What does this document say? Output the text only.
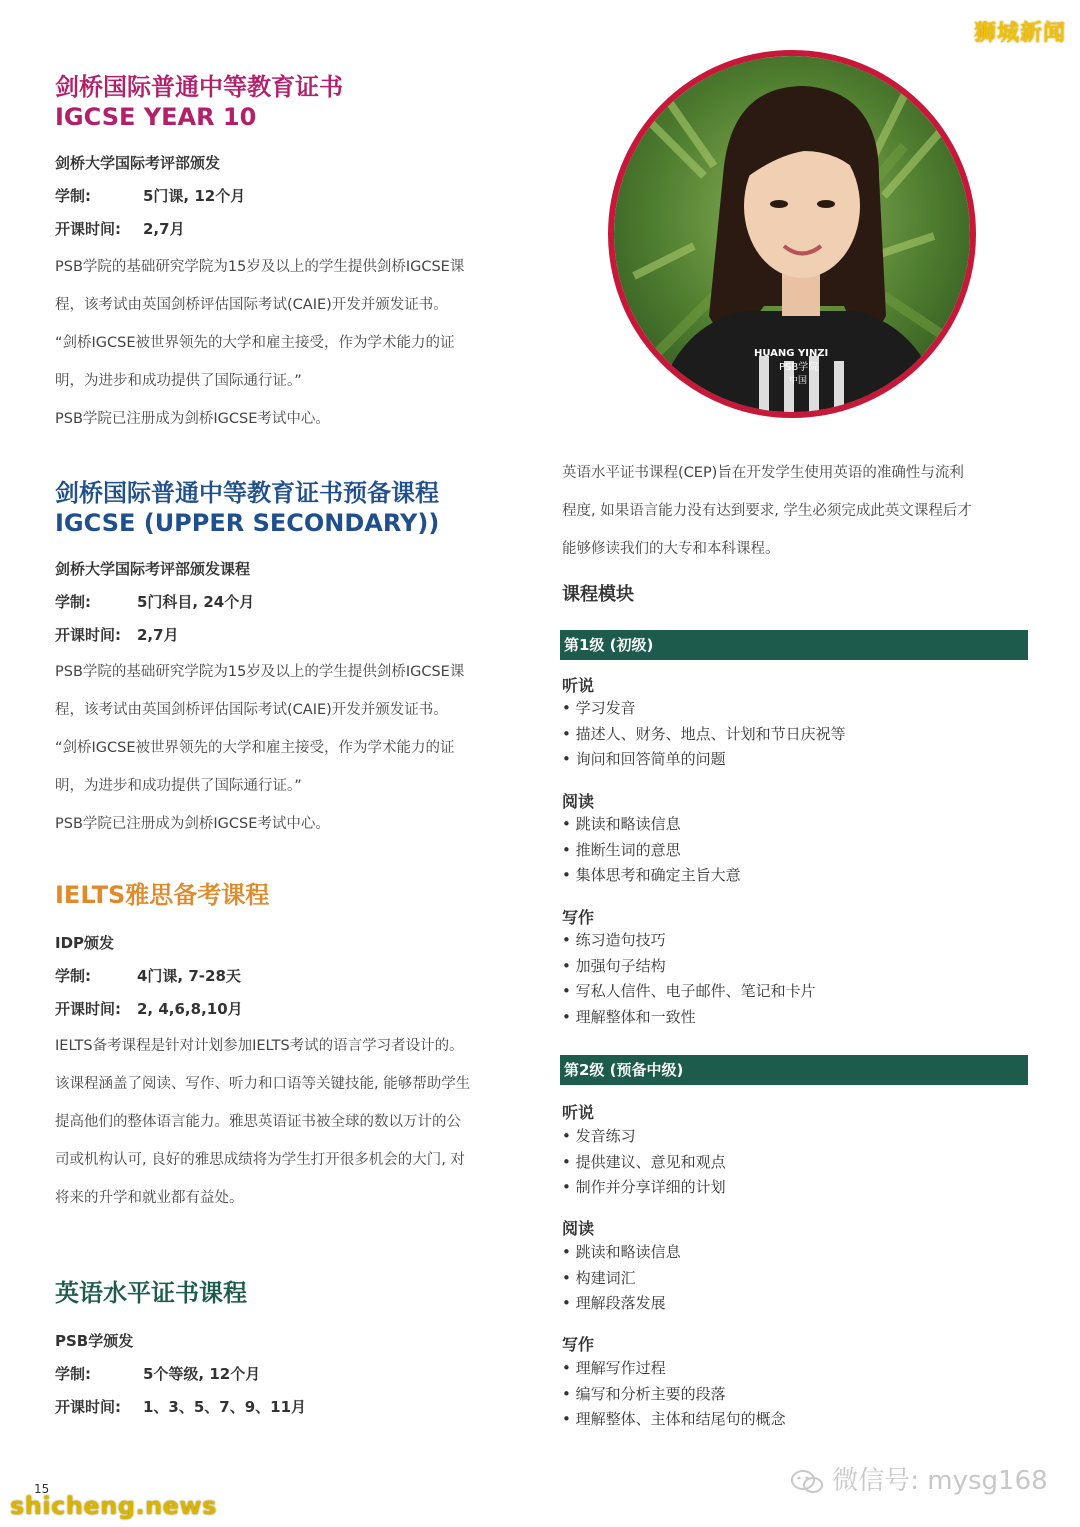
狮城新闻
剑桥国际普通中等教育证书
IGCSE YEAR 10
剑桥大学国际考评部颁发
学制:	5门课, 12个月
开课时间: 2,7月

PSB学院的基础研究学院为15岁及以上的学生提供剑桥IGCSE课

程，该考试由英国剑桥评估国际考试(CAIE)开发并颁发证书。

“剑桥IGCSE被世界领先的大学和雇主接受，作为学术能力的证

明，为进步和成功提供了国际通行证。”

PSB学院已注册成为剑桥IGCSE考试中心。

剑桥国际普通中等教育证书预备课程
IGCSE (UPPER SECONDARY))
剑桥大学国际考评部颁发课程
学制:	5门科目, 24个月
开课时间: 2,7月

PSB学院的基础研究学院为15岁及以上的学生提供剑桥IGCSE课

程，该考试由英国剑桥评估国际考试(CAIE)开发并颁发证书。

“剑桥IGCSE被世界领先的大学和雇主接受，作为学术能力的证

明，为进步和成功提供了国际通行证。”

PSB学院已注册成为剑桥IGCSE考试中心。

IELTS雅思备考课程
IDP颁发
学制:	4门课, 7-28天
开课时间: 2, 4,6,8,10月

IELTS备考课程是针对计划参加IELTS考试的语言学习者设计的。

该课程涵盖了阅读、写作、听力和口语等关键技能, 能够帮助学生

提高他们的整体语言能力。雅思英语证书被全球的数以万计的公

司或机构认可, 良好的雅思成绩将为学生打开很多机会的大门, 对

将来的升学和就业都有益处。

英语水平证书课程
PSB学颁发
学制:	5个等级, 12个月
开课时间: 1、3、5、7、9、11月
15
shicheng.news
HUANG YINZI
PSB学院
中国

英语水平证书课程(CEP)旨在开发学生使用英语的准确性与流利

程度, 如果语言能力没有达到要求, 学生必须完成此英文课程后才

能够修读我们的大专和本科课程。

课程模块
第1级 (初级)
听说
• 学习发音
• 描述人、财务、地点、计划和节日庆祝等
• 询问和回答简单的问题
阅读
• 跳读和略读信息
• 推断生词的意思
• 集体思考和确定主旨大意
写作
• 练习造句技巧
• 加强句子结构
• 写私人信件、电子邮件、笔记和卡片
• 理解整体和一致性
第2级 (预备中级)
听说
• 发音练习
• 提供建议、意见和观点
• 制作并分享详细的计划
阅读
• 跳读和略读信息
• 构建词汇
• 理解段落发展
写作
• 理解写作过程
• 编写和分析主要的段落
• 理解整体、主体和结尾句的概念
微信号: mysg168
